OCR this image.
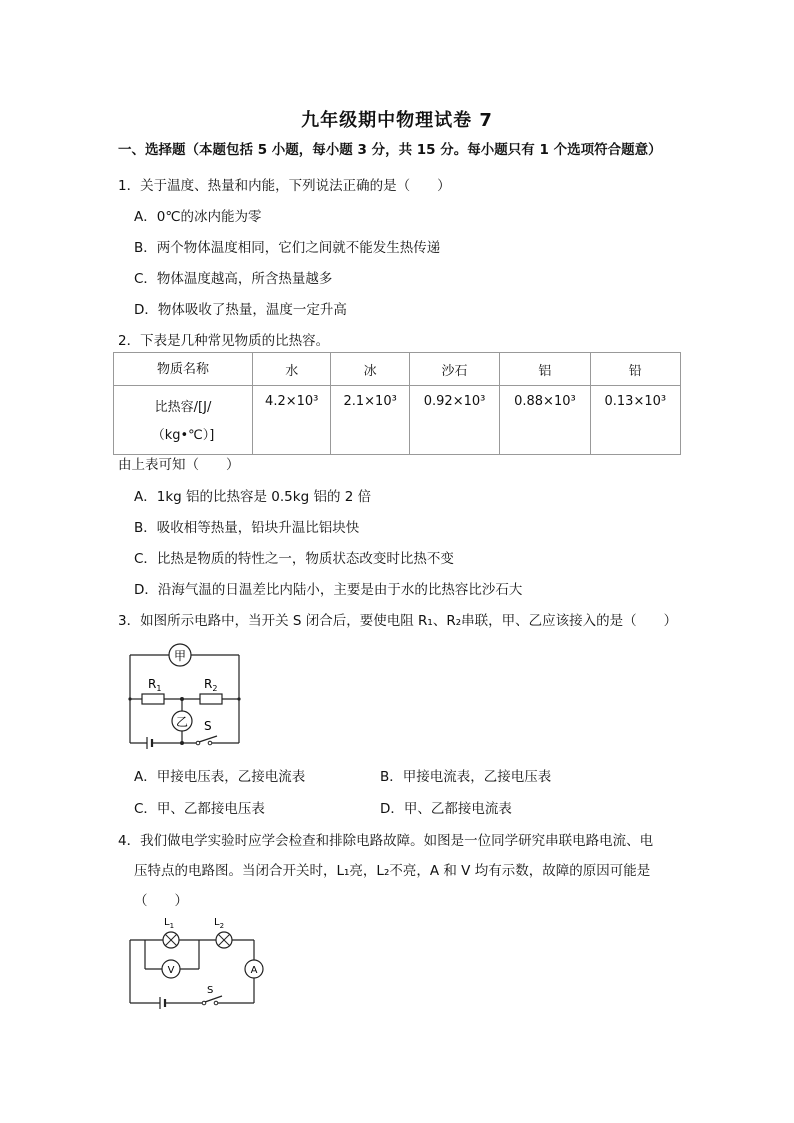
九年级期中物理试卷 7
一、选择题（本题包括 5 小题，每小题 3 分，共 15 分。每小题只有 1 个选项符合题意）
1．关于温度、热量和内能，下列说法正确的是（　　）
A．0℃的冰内能为零
B．两个物体温度相同，它们之间就不能发生热传递
C．物体温度越高，所含热量越多
D．物体吸收了热量，温度一定升高
2．下表是几种常见物质的比热容。
物质名称	水	冰	沙石	铝	铅

比热容/[J/
（kg•℃）]	4.2×10³	2.1×10³	0.92×10³	0.88×10³	0.13×10³
由上表可知（　　）
A．1kg 铝的比热容是 0.5kg 铝的 2 倍
B．吸收相等热量，铅块升温比铝块快
C．比热是物质的特性之一，物质状态改变时比热不变
D．沿海气温的日温差比内陆小，主要是由于水的比热容比沙石大
3．如图所示电路中，当开关 S 闭合后，要使电阻 R₁、R₂串联，甲、乙应该接入的是（　　）
甲
$R_1$	$R_2$
乙 S
A．甲接电压表，乙接电流表	B．甲接电流表，乙接电压表
C．甲、乙都接电压表	D．甲、乙都接电流表
4．我们做电学实验时应学会检查和排除电路故障。如图是一位同学研究串联电路电流、电
压特点的电路图。当闭合开关时，L₁亮，L₂不亮，A 和 V 均有示数，故障的原因可能是
（　　）
$L_1$	$L_2$
V	A
S
